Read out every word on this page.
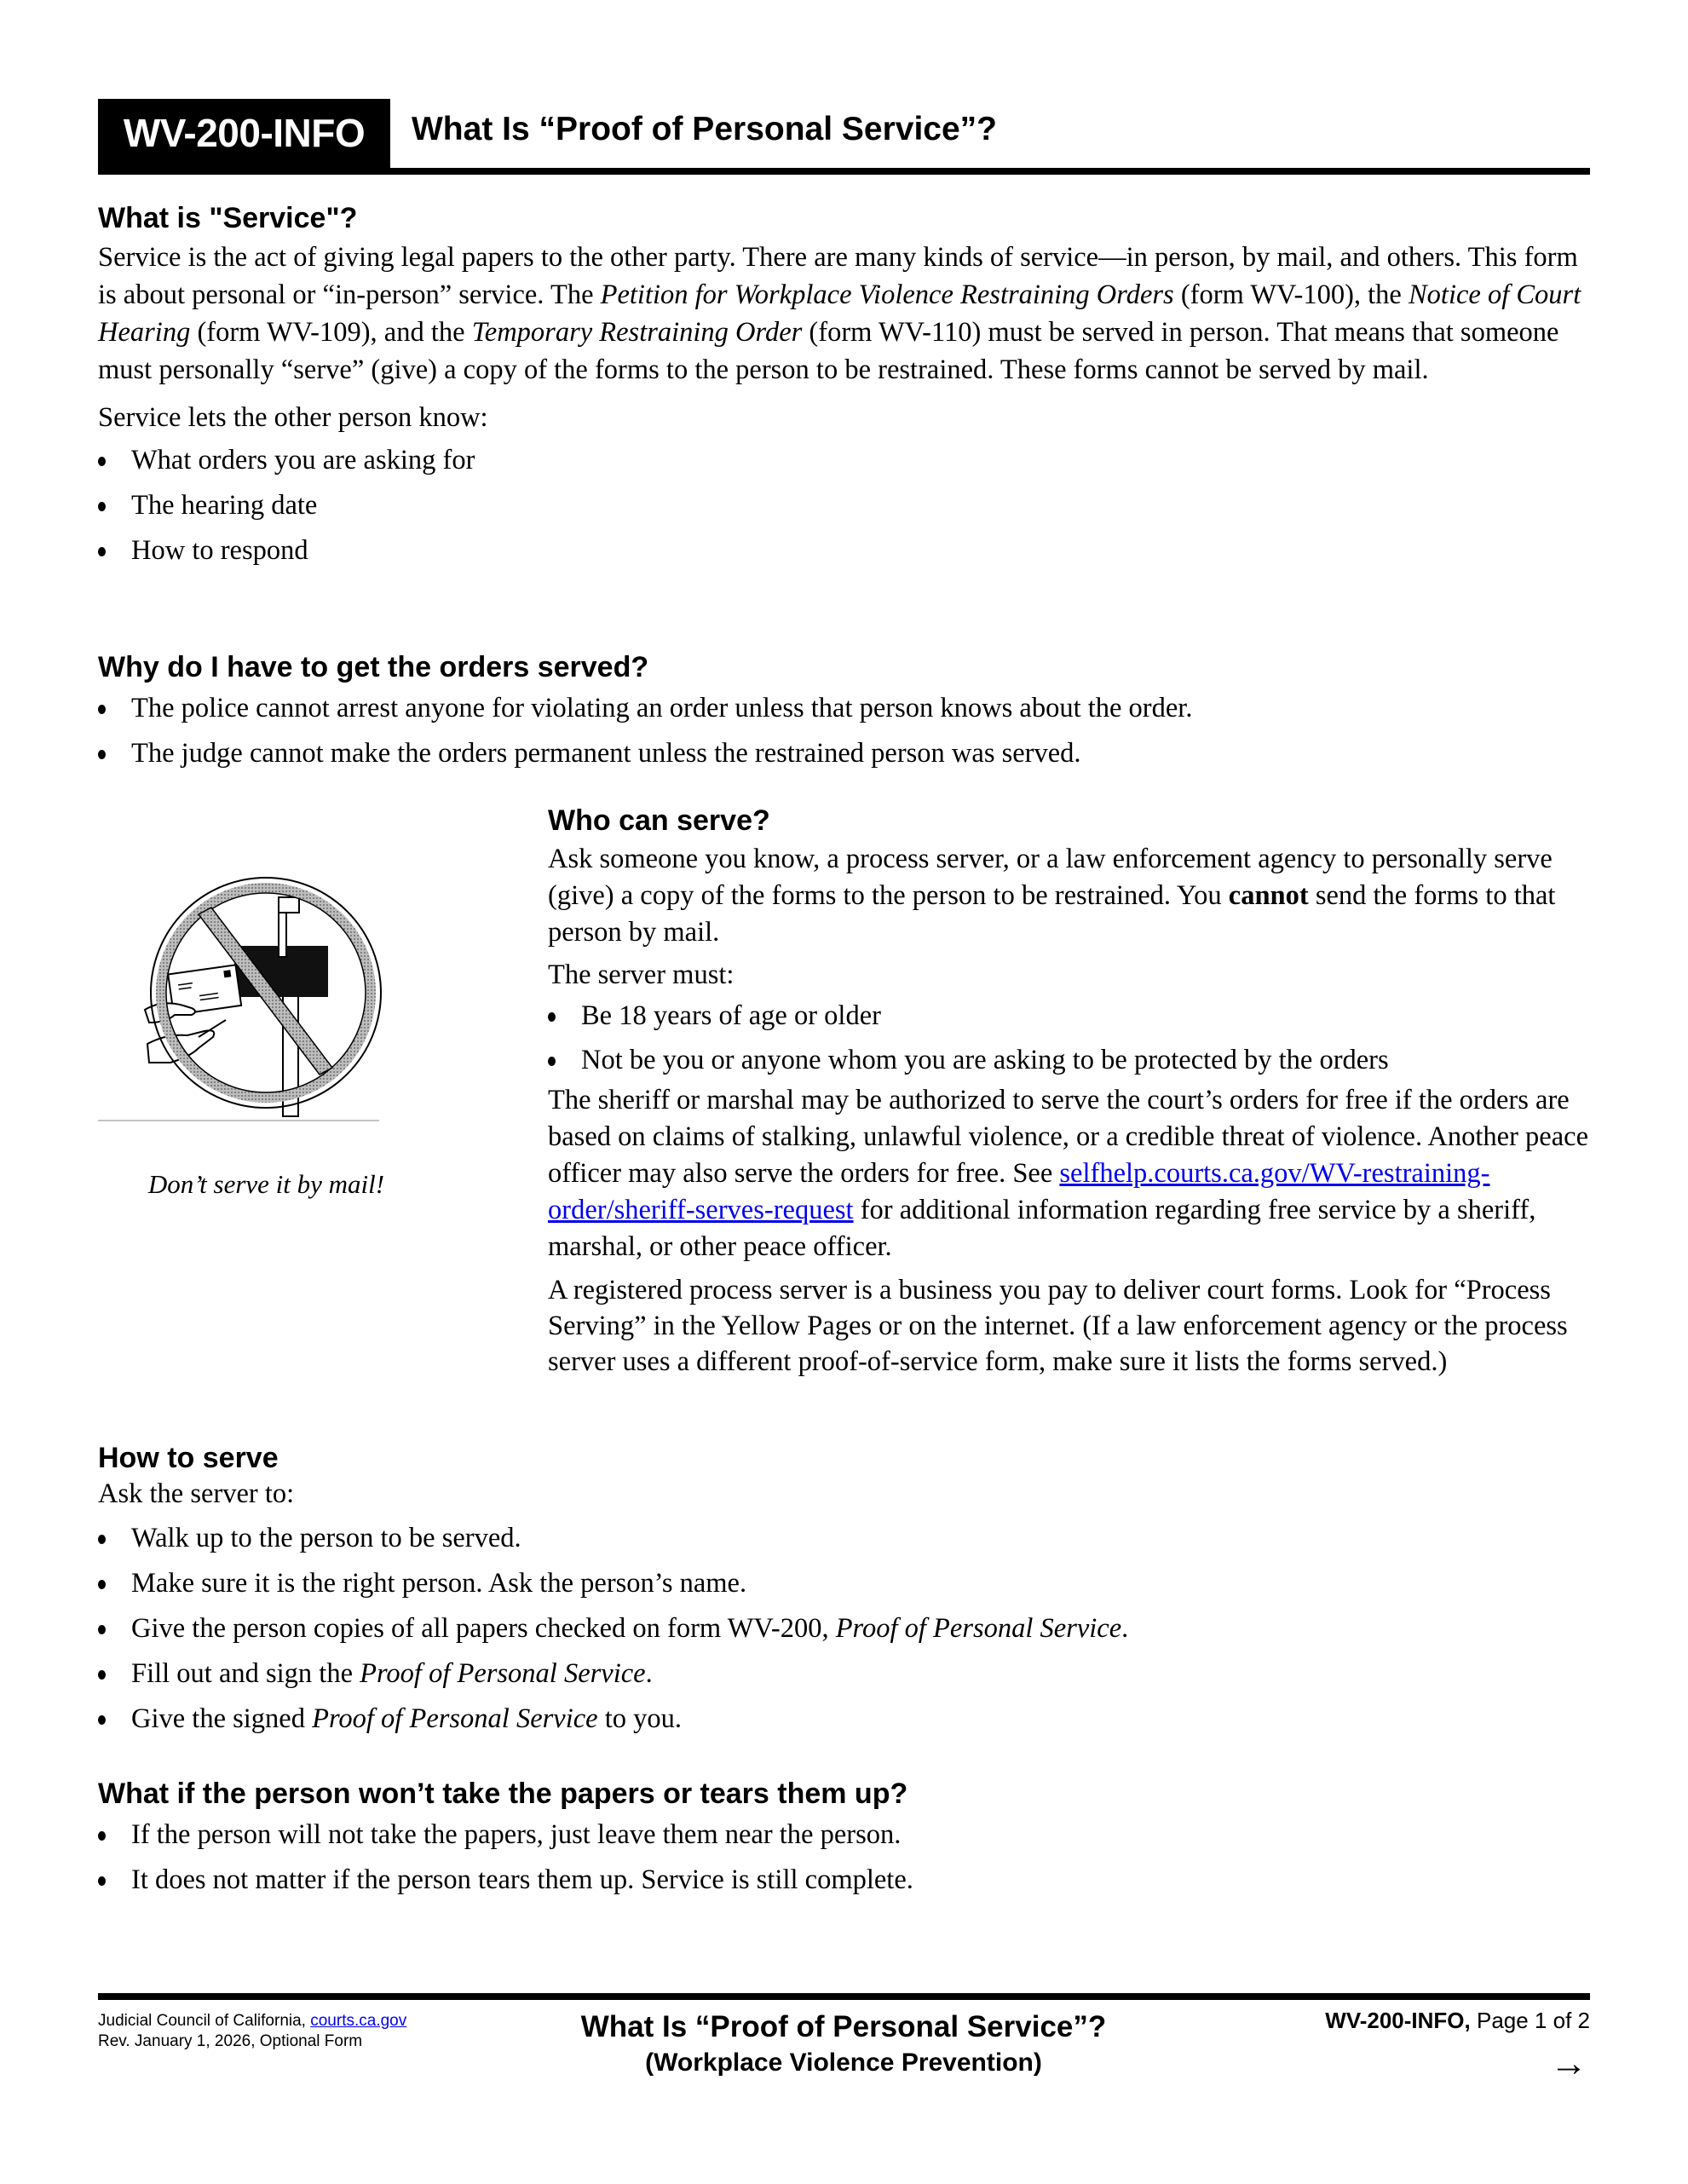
WV-200-INFO	What Is “Proof of Personal Service”?
What is "Service"?

Service is the act of giving legal papers to the other party. There are many kinds of service—in person, by mail, and others. This form is about personal or “in-person” service. The Petition for Workplace Violence Restraining Orders (form WV-100), the Notice of Court Hearing (form WV-109), and the Temporary Restraining Order (form WV-110) must be served in person. That means that someone must personally “serve” (give) a copy of the forms to the person to be restrained. These forms cannot be served by mail.

Service lets the other person know:

What orders you are asking for
The hearing date
How to respond
Why do I have to get the orders served?
The police cannot arrest anyone for violating an order unless that person knows about the order.
The judge cannot make the orders permanent unless the restrained person was served.
Don’t serve it by mail!
Who can serve?

Ask someone you know, a process server, or a law enforcement agency to personally serve (give) a copy of the forms to the person to be restrained. You cannot send the forms to that person by mail.

The server must:

Be 18 years of age or older
Not be you or anyone whom you are asking to be protected by the orders

The sheriff or marshal may be authorized to serve the court’s orders for free if the orders are based on claims of stalking, unlawful violence, or a credible threat of violence. Another peace officer may also serve the orders for free. See selfhelp.courts.ca.gov/WV-restraining-order/sheriff-serves-request for additional information regarding free service by a sheriff, marshal, or other peace officer.

A registered process server is a business you pay to deliver court forms. Look for “Process Serving” in the Yellow Pages or on the internet. (If a law enforcement agency or the process server uses a different proof-of-service form, make sure it lists the forms served.)

How to serve

Ask the server to:

Walk up to the person to be served.
Make sure it is the right person. Ask the person’s name.
Give the person copies of all papers checked on form WV-200, Proof of Personal Service.
Fill out and sign the Proof of Personal Service.
Give the signed Proof of Personal Service to you.
What if the person won’t take the papers or tears them up?
If the person will not take the papers, just leave them near the person.
It does not matter if the person tears them up. Service is still complete.
Judicial Council of California, courts.ca.gov
Rev. January 1, 2026, Optional Form	What Is “Proof of Personal Service”?
(Workplace Violence Prevention)
WV-200-INFO, Page 1 of 2
→
